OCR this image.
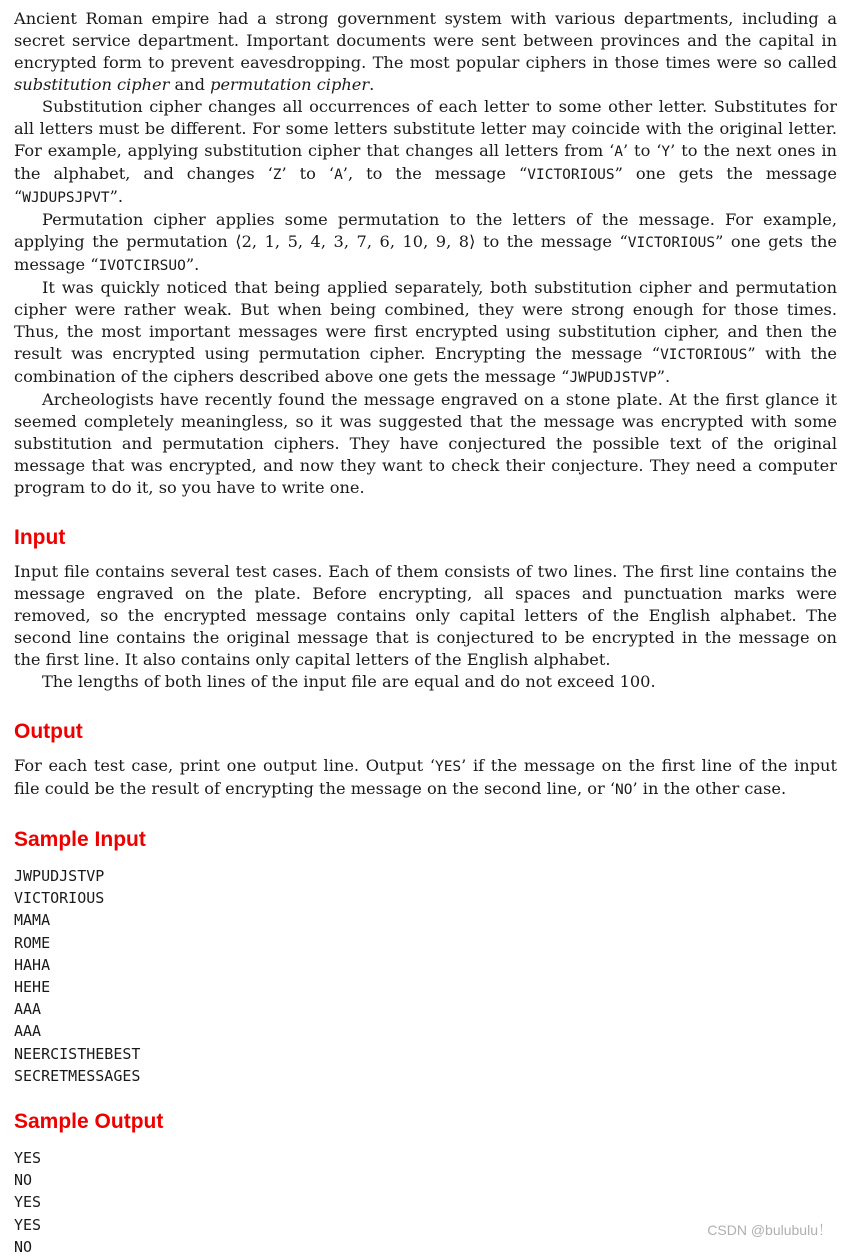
Ancient Roman empire had a strong government system with various departments, including a secret service department. Important documents were sent between provinces and the capital in encrypted form to prevent eavesdropping. The most popular ciphers in those times were so called substitution cipher and permutation cipher.

Substitution cipher changes all occurrences of each letter to some other letter. Substitutes for all letters must be different. For some letters substitute letter may coincide with the original letter. For example, applying substitution cipher that changes all letters from ‘A’ to ‘Y’ to the next ones in the alphabet, and changes ‘Z’ to ‘A’, to the message “VICTORIOUS” one gets the message “WJDUPSJPVT”.

Permutation cipher applies some permutation to the letters of the message. For example, applying the permutation ⟨2, 1, 5, 4, 3, 7, 6, 10, 9, 8⟩ to the message “VICTORIOUS” one gets the message “IVOTCIRSUO”.

It was quickly noticed that being applied separately, both substitution cipher and permutation cipher were rather weak. But when being combined, they were strong enough for those times. Thus, the most important messages were first encrypted using substitution cipher, and then the result was encrypted using permutation cipher. Encrypting the message “VICTORIOUS” with the combination of the ciphers described above one gets the message “JWPUDJSTVP”.

Archeologists have recently found the message engraved on a stone plate. At the first glance it seemed completely meaningless, so it was suggested that the message was encrypted with some substitution and permutation ciphers. They have conjectured the possible text of the original message that was encrypted, and now they want to check their conjecture. They need a computer program to do it, so you have to write one.

Input

Input file contains several test cases. Each of them consists of two lines. The first line contains the message engraved on the plate. Before encrypting, all spaces and punctuation marks were removed, so the encrypted message contains only capital letters of the English alphabet. The second line contains the original message that is conjectured to be encrypted in the message on the first line. It also contains only capital letters of the English alphabet.

The lengths of both lines of the input file are equal and do not exceed 100.

Output

For each test case, print one output line. Output ‘YES’ if the message on the first line of the input file could be the result of encrypting the message on the second line, or ‘NO’ in the other case.

Sample Input
JWPUDJSTVP
VICTORIOUS
MAMA
ROME
HAHA
HEHE
AAA
AAA
NEERCISTHEBEST
SECRETMESSAGES
Sample Output
YES
NO
YES
YES
NO
CSDN @bulubulu！
